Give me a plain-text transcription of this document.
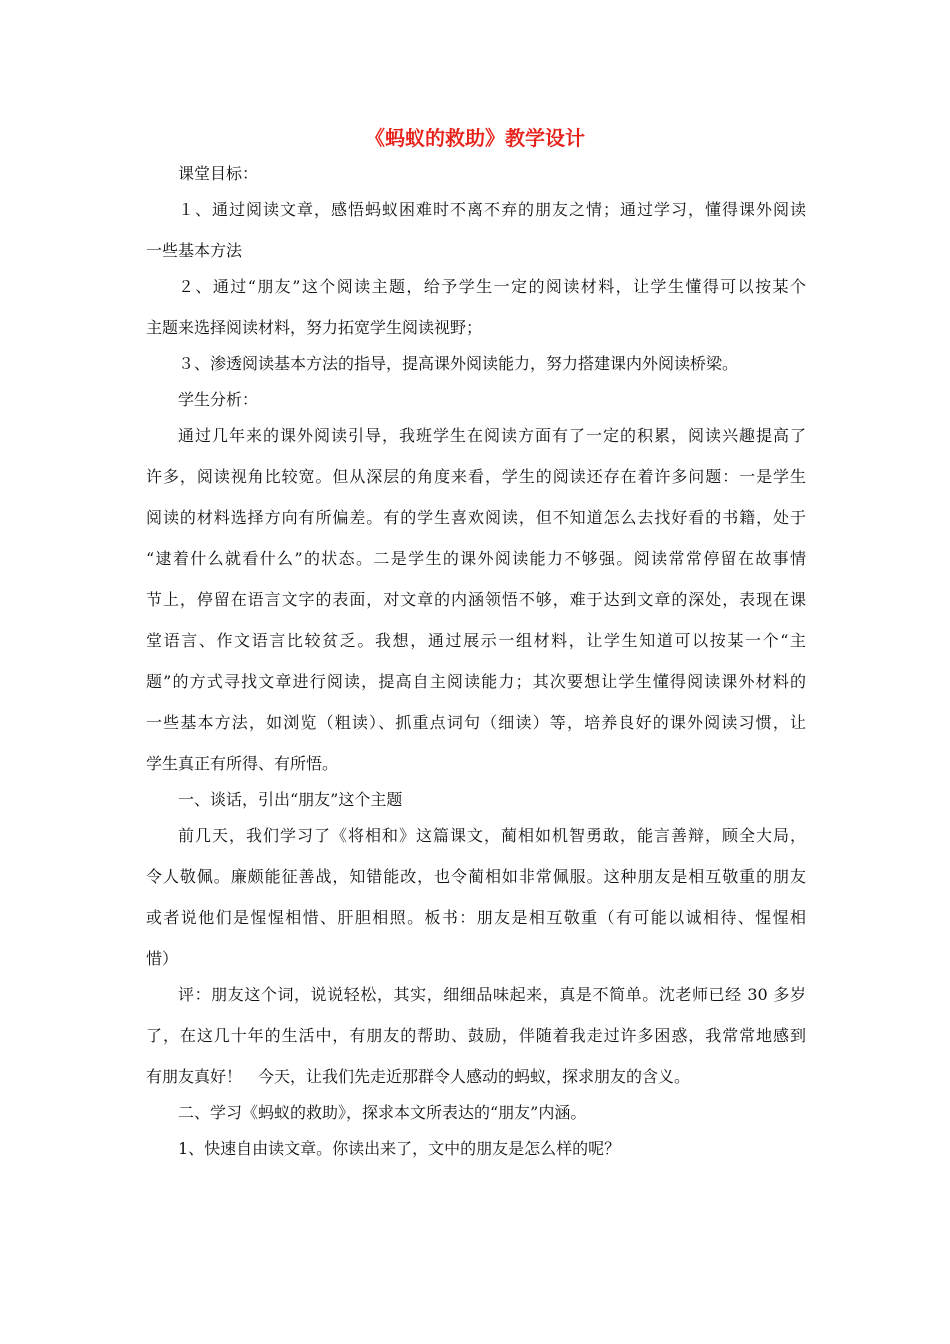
《蚂蚁的救助》教学设计
课堂目标：
１、通过阅读文章，感悟蚂蚁困难时不离不弃的朋友之情；通过学习，懂得课外阅读
一些基本方法
２、通过“朋友”这个阅读主题，给予学生一定的阅读材料，让学生懂得可以按某个
主题来选择阅读材料，努力拓宽学生阅读视野；
３、渗透阅读基本方法的指导，提高课外阅读能力，努力搭建课内外阅读桥梁。
学生分析：
通过几年来的课外阅读引导，我班学生在阅读方面有了一定的积累，阅读兴趣提高了
许多，阅读视角比较宽。但从深层的角度来看，学生的阅读还存在着许多问题：一是学生
阅读的材料选择方向有所偏差。有的学生喜欢阅读，但不知道怎么去找好看的书籍，处于
“逮着什么就看什么”的状态。二是学生的课外阅读能力不够强。阅读常常停留在故事情
节上，停留在语言文字的表面，对文章的内涵领悟不够，难于达到文章的深处，表现在课
堂语言、作文语言比较贫乏。我想，通过展示一组材料，让学生知道可以按某一个“主
题”的方式寻找文章进行阅读，提高自主阅读能力；其次要想让学生懂得阅读课外材料的
一些基本方法，如浏览（粗读）、抓重点词句（细读）等，培养良好的课外阅读习惯，让
学生真正有所得、有所悟。
一、谈话，引出“朋友”这个主题
前几天，我们学习了《将相和》这篇课文，蔺相如机智勇敢，能言善辩，顾全大局，
令人敬佩。廉颇能征善战，知错能改，也令蔺相如非常佩服。这种朋友是相互敬重的朋友
或者说他们是惺惺相惜、肝胆相照。板书：朋友是相互敬重（有可能以诚相待、惺惺相
惜）
评：朋友这个词，说说轻松，其实，细细品味起来，真是不简单。沈老师已经 30 多岁
了，在这几十年的生活中，有朋友的帮助、鼓励，伴随着我走过许多困惑，我常常地感到
有朋友真好！　今天，让我们先走近那群令人感动的蚂蚁，探求朋友的含义。
二、学习《蚂蚁的救助》，探求本文所表达的“朋友”内涵。
1、快速自由读文章。你读出来了，文中的朋友是怎么样的呢？
